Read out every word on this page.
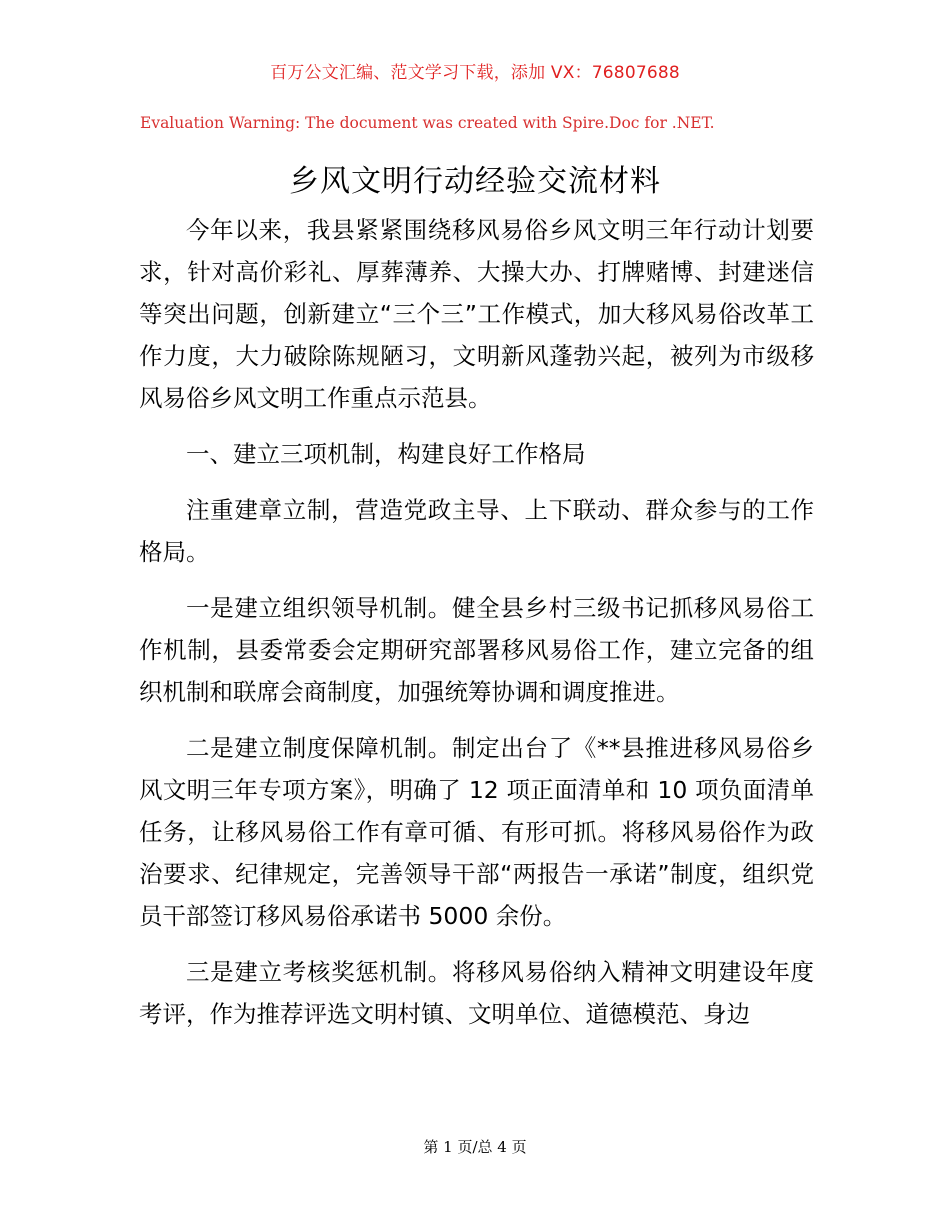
百万公文汇编、范文学习下载，添加 VX：76807688
Evaluation Warning: The document was created with Spire.Doc for .NET.
乡风文明行动经验交流材料

今年以来，我县紧紧围绕移风易俗乡风文明三年行动计划要求，针对高价彩礼、厚葬薄养、大操大办、打牌赌博、封建迷信等突出问题，创新建立“三个三”工作模式，加大移风易俗改革工作力度，大力破除陈规陋习，文明新风蓬勃兴起，被列为市级移风易俗乡风文明工作重点示范县。

一、建立三项机制，构建良好工作格局

注重建章立制，营造党政主导、上下联动、群众参与的工作格局。

一是建立组织领导机制。健全县乡村三级书记抓移风易俗工作机制，县委常委会定期研究部署移风易俗工作，建立完备的组织机制和联席会商制度，加强统筹协调和调度推进。

二是建立制度保障机制。制定出台了《**县推进移风易俗乡风文明三年专项方案》，明确了 12 项正面清单和 10 项负面清单任务，让移风易俗工作有章可循、有形可抓。将移风易俗作为政治要求、纪律规定，完善领导干部“两报告一承诺”制度，组织党员干部签订移风易俗承诺书 5000 余份。

三是建立考核奖惩机制。将移风易俗纳入精神文明建设年度考评，作为推荐评选文明村镇、文明单位、道德模范、身边

第 1 页/总 4 页
